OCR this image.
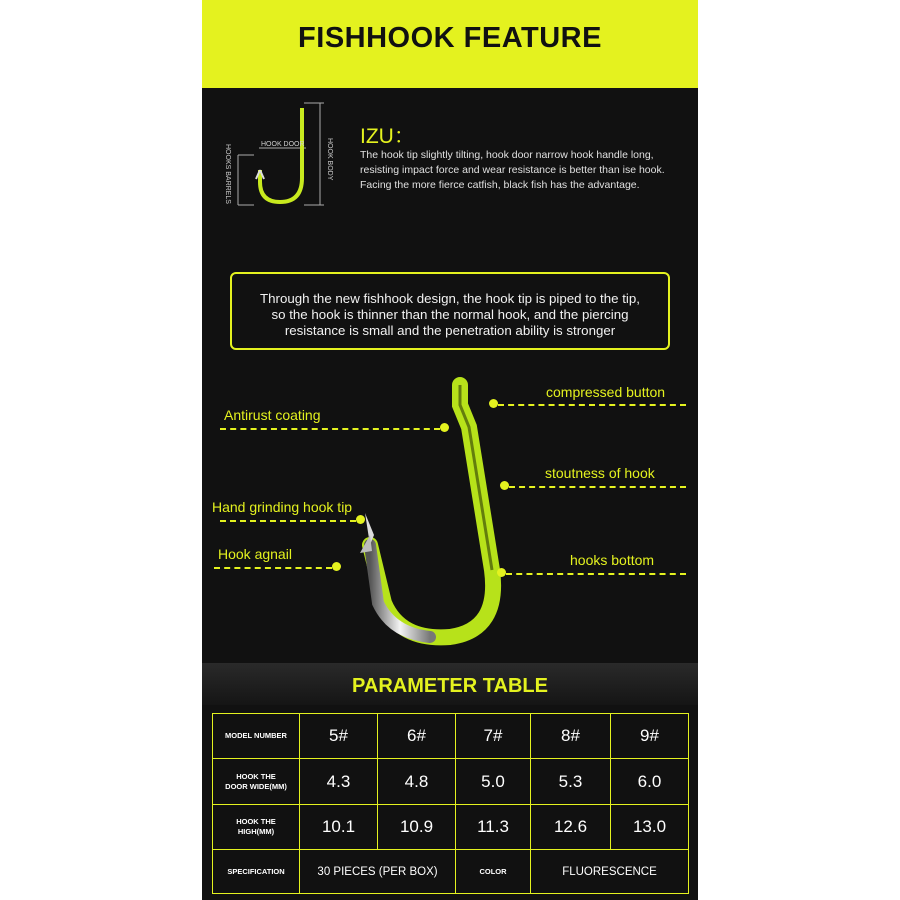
FISHHOOK FEATURE
HOOK DOOR	HOOK BODY
HOOKS BARRELS
IZU：
The hook tip slightly tilting, hook door narrow hook handle long,
resisting impact force and wear resistance is better than ise hook.
Facing the more fierce catfish, black fish has the advantage.
Through the new fishhook design, the hook tip is piped to the tip,
so the hook is thinner than the normal hook, and the piercing
resistance is small and the penetration ability is stronger
compressed button
Antirust coating
stoutness of hook
Hand grinding hook tip
Hook agnail	hooks bottom
PARAMETER TABLE
MODEL NUMBER	5#	6#	7#	8#	9#
HOOK THE
DOOR WIDE(MM)	4.3	4.8	5.0	5.3	6.0
HOOK THE
HIGH(MM)	10.1	10.9	11.3	12.6	13.0
SPECIFICATION	30 PIECES (PER BOX)		COLOR	FLUORESCENCE	
